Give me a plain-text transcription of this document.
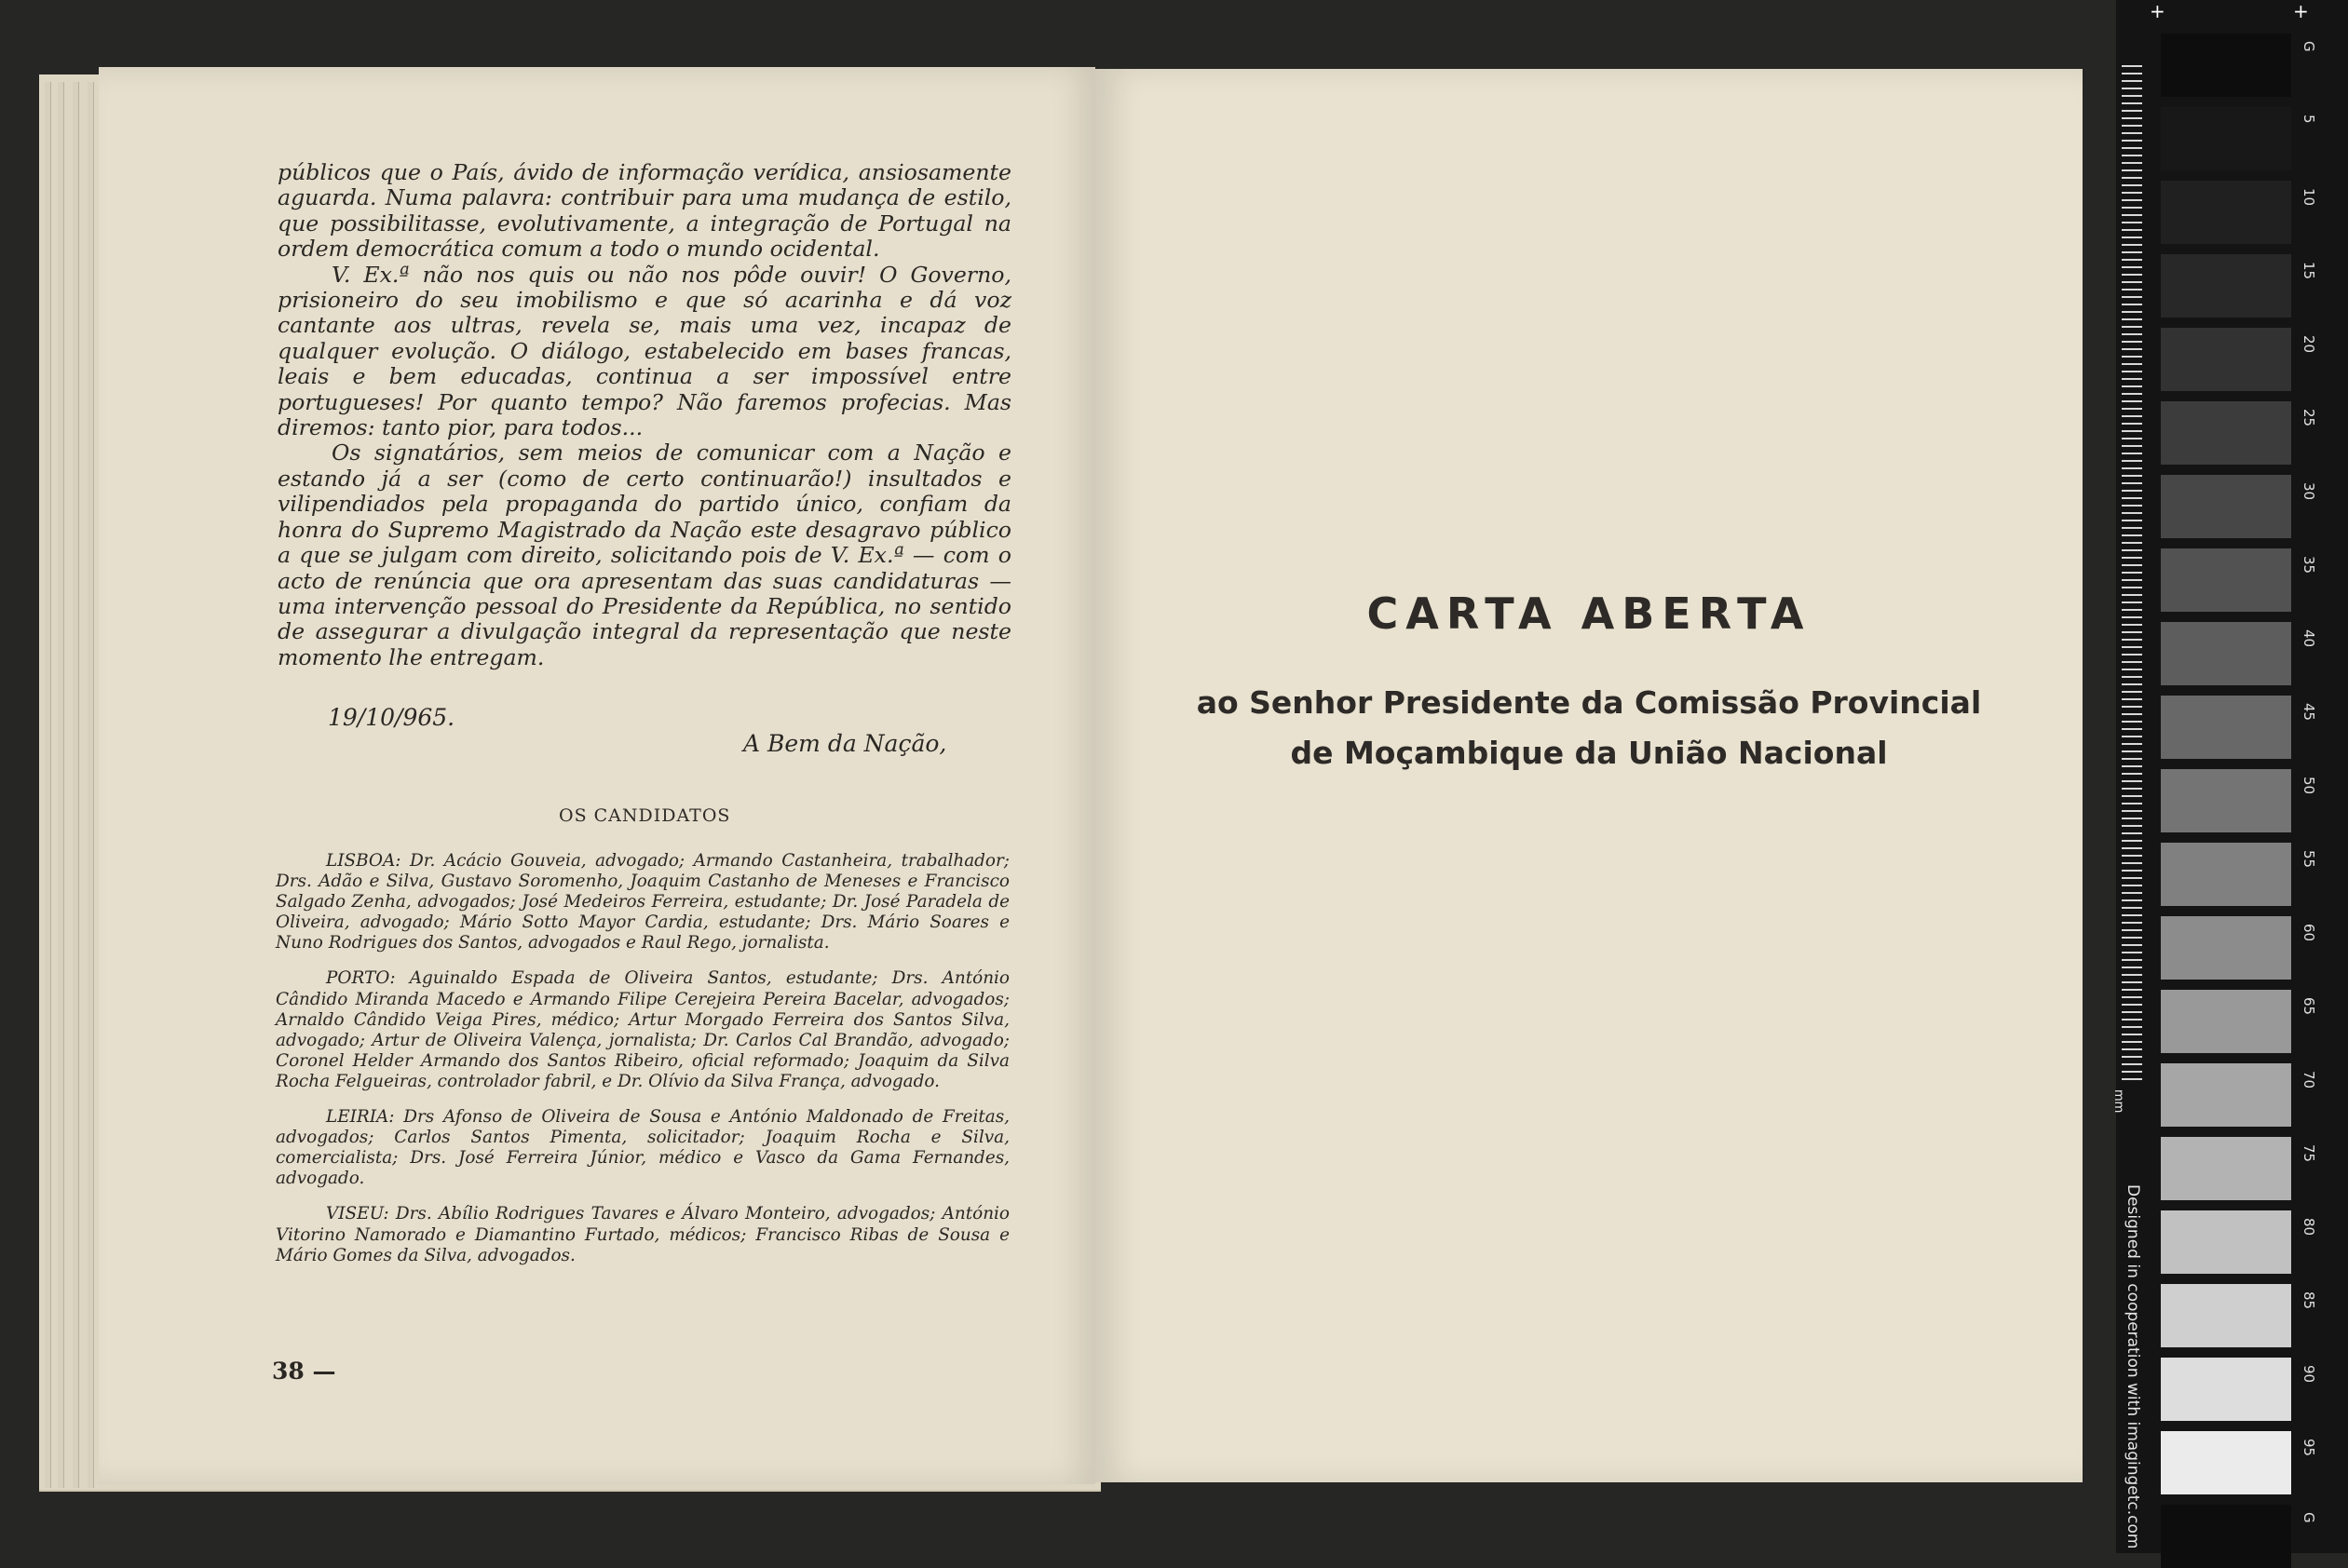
públicos que o País, ávido de informação verídica, ansiosamente aguarda. Numa palavra: contribuir para uma mudança de estilo, que possibilitasse, evolutivamente, a integração de Portugal na ordem democrática comum a todo o mundo ocidental.

V. Ex.ª não nos quis ou não nos pôde ouvir! O Governo, prisioneiro do seu imobilismo e que só acarinha e dá voz cantante aos ultras, revela se, mais uma vez, incapaz de qualquer evolução. O diálogo, estabelecido em bases francas, leais e bem educadas, continua a ser impossível entre portugueses! Por quanto tempo? Não faremos profecias. Mas diremos: tanto pior, para todos...

Os signatários, sem meios de comunicar com a Nação e estando já a ser (como de certo continuarão!) insultados e vilipendiados pela propaganda do partido único, confiam da honra do Supremo Magistrado da Nação este desagravo público a que se julgam com direito, solicitando pois de V. Ex.ª — com o acto de renúncia que ora apresentam das suas candidaturas — uma intervenção pessoal do Presidente da República, no sentido de assegurar a divulgação integral da representação que neste momento lhe entregam.

19/10/965.
A Bem da Nação,
OS CANDIDATOS

LISBOA: Dr. Acácio Gouveia, advogado; Armando Castanheira, trabalhador; Drs. Adão e Silva, Gustavo Soromenho, Joaquim Castanho de Meneses e Francisco Salgado Zenha, advogados; José Medeiros Ferreira, estudante; Dr. José Paradela de Oliveira, advogado; Mário Sotto Mayor Cardia, estudante; Drs. Mário Soares e Nuno Rodrigues dos Santos, advogados e Raul Rego, jornalista.

PORTO: Aguinaldo Espada de Oliveira Santos, estudante; Drs. António Cândido Miranda Macedo e Armando Filipe Cerejeira Pereira Bacelar, advogados; Arnaldo Cândido Veiga Pires, médico; Artur Morgado Ferreira dos Santos Silva, advogado; Artur de Oliveira Valença, jornalista; Dr. Carlos Cal Brandão, advogado; Coronel Helder Armando dos Santos Ribeiro, oficial reformado; Joaquim da Silva Rocha Felgueiras, controlador fabril, e Dr. Olívio da Silva França, advogado.

LEIRIA: Drs Afonso de Oliveira de Sousa e António Maldonado de Freitas, advogados; Carlos Santos Pimenta, solicitador; Joaquim Rocha e Silva, comercialista; Drs. José Ferreira Júnior, médico e Vasco da Gama Fernandes, advogado.

VISEU: Drs. Abílio Rodrigues Tavares e Álvaro Monteiro, advogados; António Vitorino Namorado e Diamantino Furtado, médicos; Francisco Ribas de Sousa e Mário Gomes da Silva, advogados.

38 —
CARTA ABERTA
ao Senhor Presidente da Comissão Provincial
de Moçambique da União Nacional
+	+
mm
Designed in cooperation with imagingetc.com
G
5
10
15
20
25
30
35
40
45
50
55
60
65
70
75
80
85
90
95
G
